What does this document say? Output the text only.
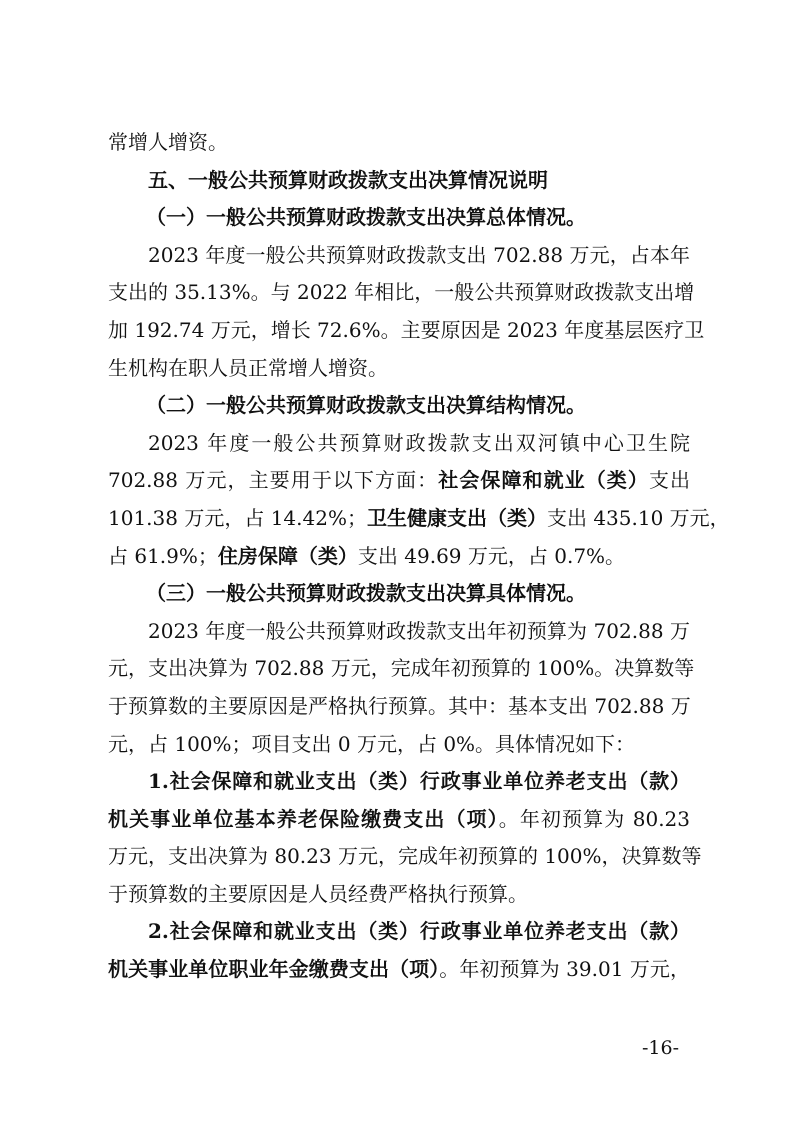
常增人增资。

五、一般公共预算财政拨款支出决算情况说明

（一）一般公共预算财政拨款支出决算总体情况。

2023 年度一般公共预算财政拨款支出 702.88 万元，占本年

支出的 35.13%。与 2022 年相比，一般公共预算财政拨款支出增

加 192.74 万元，增长 72.6%。主要原因是 2023 年度基层医疗卫

生机构在职人员正常增人增资。

（二）一般公共预算财政拨款支出决算结构情况。

2023 年度一般公共预算财政拨款支出双河镇中心卫生院

702.88 万元，主要用于以下方面：社会保障和就业（类）支出

101.38 万元，占 14.42%；卫生健康支出（类）支出 435.10 万元，

占 61.9%；住房保障（类）支出 49.69 万元，占 0.7%。

（三）一般公共预算财政拨款支出决算具体情况。

2023 年度一般公共预算财政拨款支出年初预算为 702.88 万

元，支出决算为 702.88 万元，完成年初预算的 100%。决算数等

于预算数的主要原因是严格执行预算。其中：基本支出 702.88 万

元，占 100%；项目支出 0 万元，占 0%。具体情况如下：

1.社会保障和就业支出（类）行政事业单位养老支出（款）

机关事业单位基本养老保险缴费支出（项）。年初预算为 80.23

万元，支出决算为 80.23 万元，完成年初预算的 100%，决算数等

于预算数的主要原因是人员经费严格执行预算。

2.社会保障和就业支出（类）行政事业单位养老支出（款）

机关事业单位职业年金缴费支出（项）。年初预算为 39.01 万元，

-16-
